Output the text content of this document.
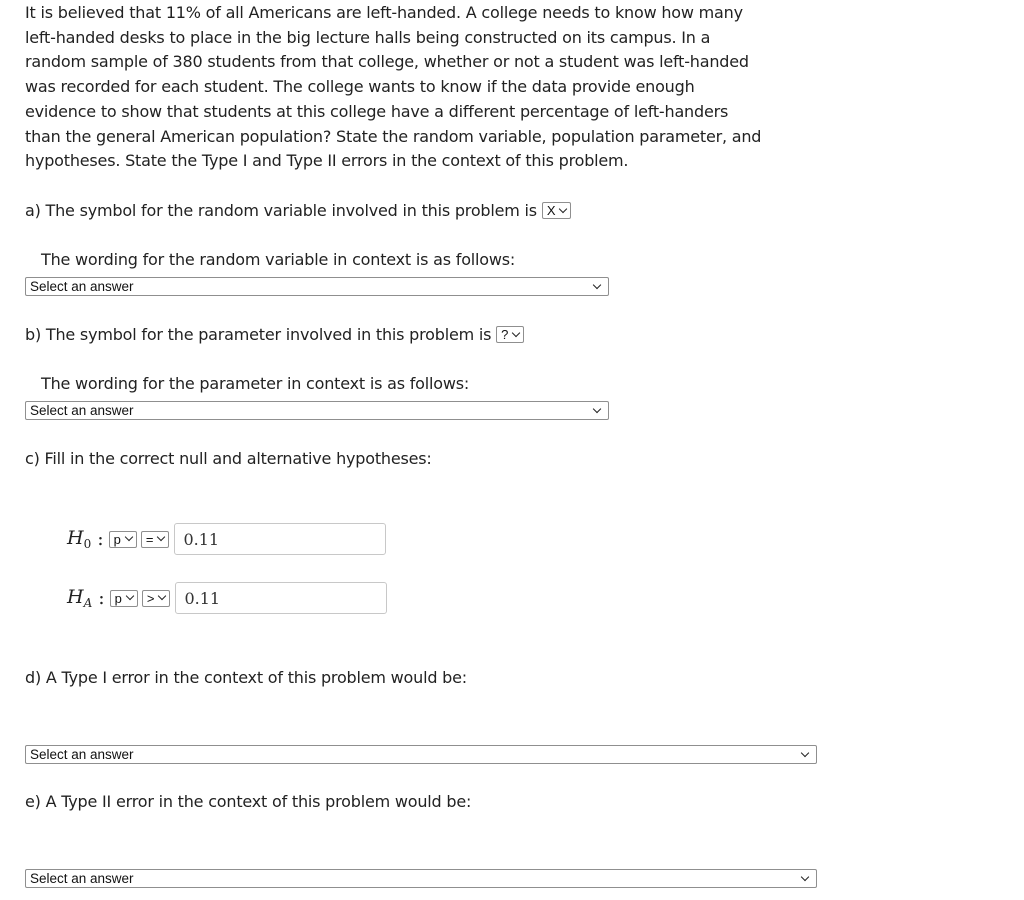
It is believed that 11% of all Americans are left-handed. A college needs to know how many left-handed desks to place in the big lecture halls being constructed on its campus. In a random sample of 380 students from that college, whether or not a student was left-handed was recorded for each student. The college wants to know if the data provide enough evidence to show that students at this college have a different percentage of left-handers than the general American population? State the random variable, population parameter, and hypotheses. State the Type I and Type II errors in the context of this problem.

a) The symbol for the random variable involved in this problem is X
The wording for the random variable in context is as follows:
Select an answer
b) The symbol for the parameter involved in this problem is ?
The wording for the parameter in context is as follows:
Select an answer
c) Fill in the correct null and alternative hypotheses:
$H_0$ : p =	0.11
$H_A$ : p >	0.11
d) A Type I error in the context of this problem would be:
Select an answer
e) A Type II error in the context of this problem would be:
Select an answer
